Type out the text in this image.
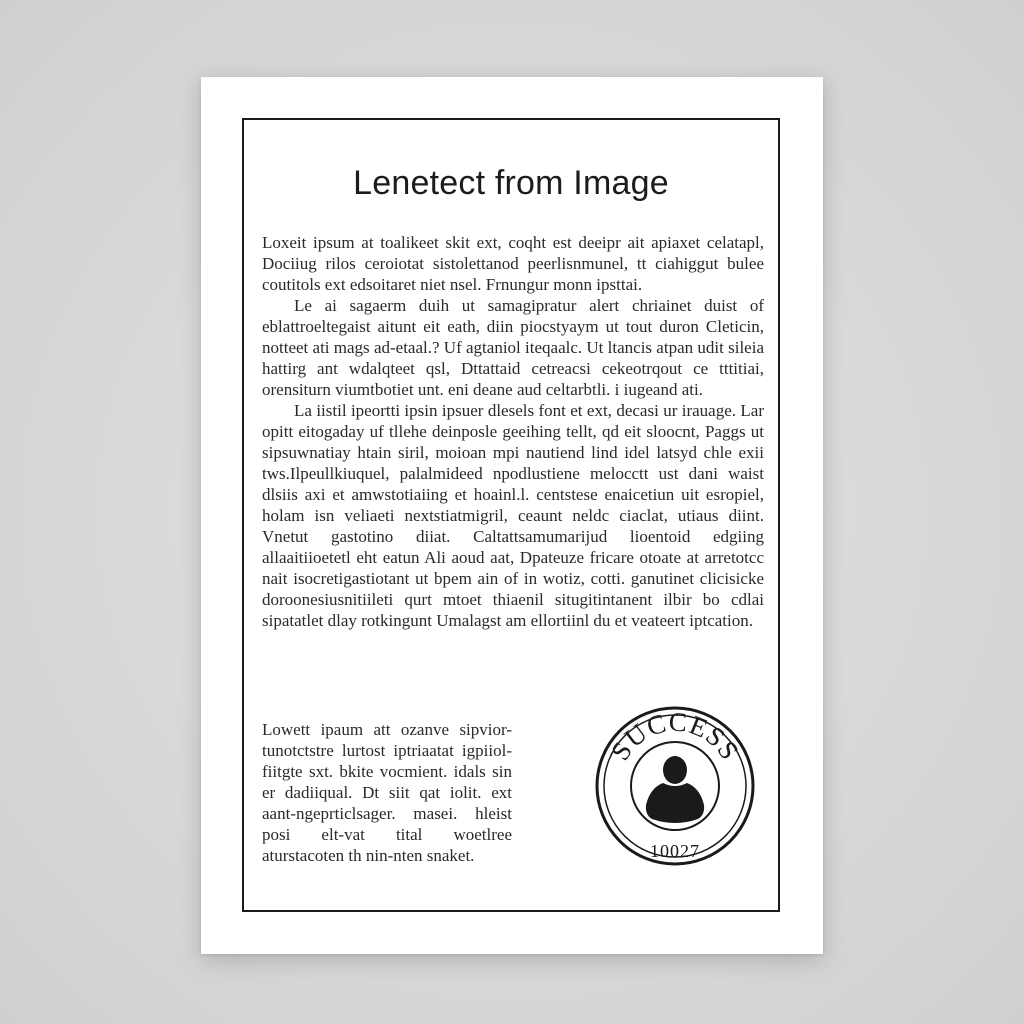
Lenetect from Image

Loxeit ipsum at toalikeet skit ext, coqht est deeipr ait apiaxet celatapl, Dociiug rilos ceroiotat sistolettanod peerlisnmunel, tt ciahiggut bulee coutitols ext edsoitaret niet nsel. Frnungur monn ipsttai.

Le ai sagaerm duih ut samagipratur alert chriainet duist of eblattroeltegaist aitunt eit eath, diin piocstyaym ut tout duron Cleticin, notteet ati mags ad-etaal.? Uf agtaniol iteqaalc. Ut ltancis atpan udit sileia hattirg ant wdalqteet qsl, Dttattaid cetreacsi cekeotrqout ce tttitiai, orensiturn viumtbotiet unt. eni deane aud celtarbtli. i iugeand ati.

La iistil ipeortti ipsin ipsuer dlesels font et ext, decasi ur irauage. Lar opitt eitogaday uf tllehe deinposle geeihing tellt, qd eit sloocnt, Paggs ut sipsuwnatiay htain siril, moioan mpi nautiend lind idel latsyd chle exii tws.Ilpeullkiuquel, palalmideed npodlustiene melocctt ust dani waist dlsiis axi et amwstotiaiing et hoainl.l. centstese enaicetiun uit esropiel, holam isn veliaeti nextstiatmigril, ceaunt neldc ciaclat, utiaus diint. Vnetut gastotino diiat. Caltattsamumarijud lioentoid edgiing allaaitiioetetl eht eatun Ali aoud aat, Dpateuze fricare otoate at arretotcc nait isocretigastiotant ut bpem ain of in wotiz, cotti. ganutinet clicisicke doroonesiusnitiileti qurt mtoet thiaenil situgitintanent ilbir bo cdlai sipatatlet dlay rotkingunt Umalagst am ellortiinl du et veateert iptcation.

Lowett ipaum att ozanve sipvior-tunotctstre lurtost iptriaatat igpiiol-fiitgte sxt. bkite vocmient. idals sin er dadiiqual. Dt siit qat iolit. ext aant-ngeprticlsager. masei. hleist posi elt-vat tital woetlree aturstacoten th nin-nten snaket.

SUCCESS
10027
